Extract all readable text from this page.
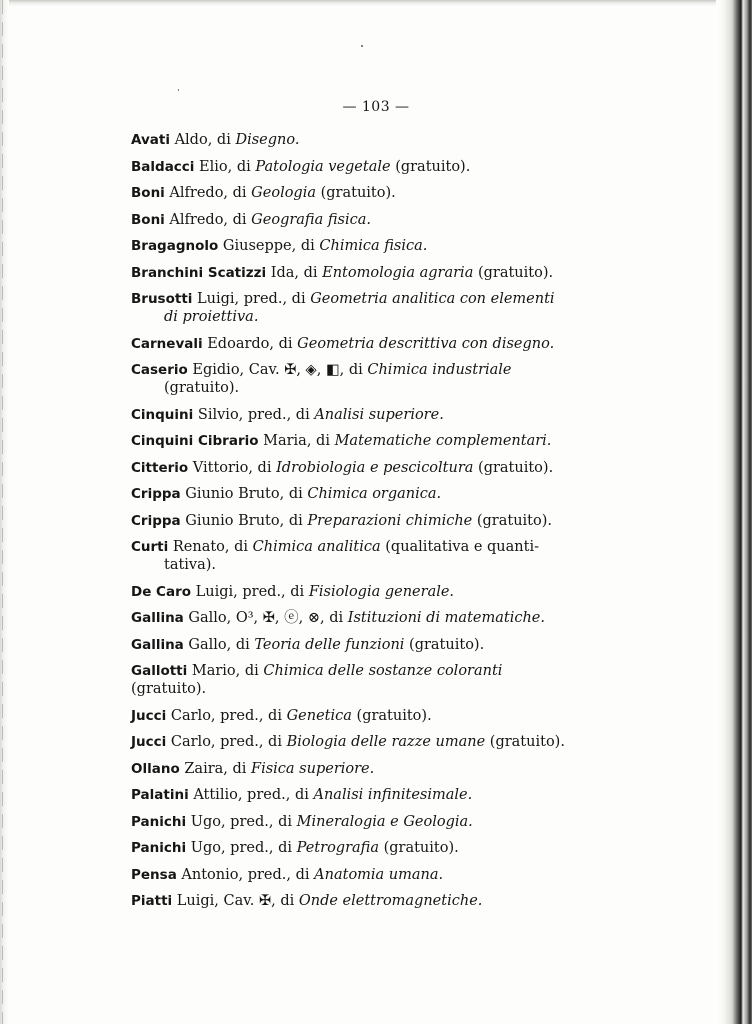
— 103 —
Avati Aldo, di Disegno.
Baldacci Elio, di Patologia vegetale (gratuito).
Boni Alfredo, di Geologia (gratuito).
Boni Alfredo, di Geografia fisica.
Bragagnolo Giuseppe, di Chimica fisica.
Branchini Scatizzi Ida, di Entomologia agraria (gratuito).
Brusotti Luigi, pred., di Geometria analitica con elementi
di proiettiva.
Carnevali Edoardo, di Geometria descrittiva con disegno.
Caserio Egidio, Cav. ✠, ◈, ◧, di Chimica industriale
(gratuito).
Cinquini Silvio, pred., di Analisi superiore.
Cinquini Cibrario Maria, di Matematiche complementari.
Citterio Vittorio, di Idrobiologia e pescicoltura (gratuito).
Crippa Giunio Bruto, di Chimica organica.
Crippa Giunio Bruto, di Preparazioni chimiche (gratuito).
Curti Renato, di Chimica analitica (qualitativa e quanti-
tativa).
De Caro Luigi, pred., di Fisiologia generale.
Gallina Gallo, O³, ✠, ⓔ, ⊗, di Istituzioni di matematiche.
Gallina Gallo, di Teoria delle funzioni (gratuito).
Gallotti Mario, di Chimica delle sostanze coloranti (gratuito).
Jucci Carlo, pred., di Genetica (gratuito).
Jucci Carlo, pred., di Biologia delle razze umane (gratuito).
Ollano Zaira, di Fisica superiore.
Palatini Attilio, pred., di Analisi infinitesimale.
Panichi Ugo, pred., di Mineralogia e Geologia.
Panichi Ugo, pred., di Petrografia (gratuito).
Pensa Antonio, pred., di Anatomia umana.
Piatti Luigi, Cav. ✠, di Onde elettromagnetiche.
